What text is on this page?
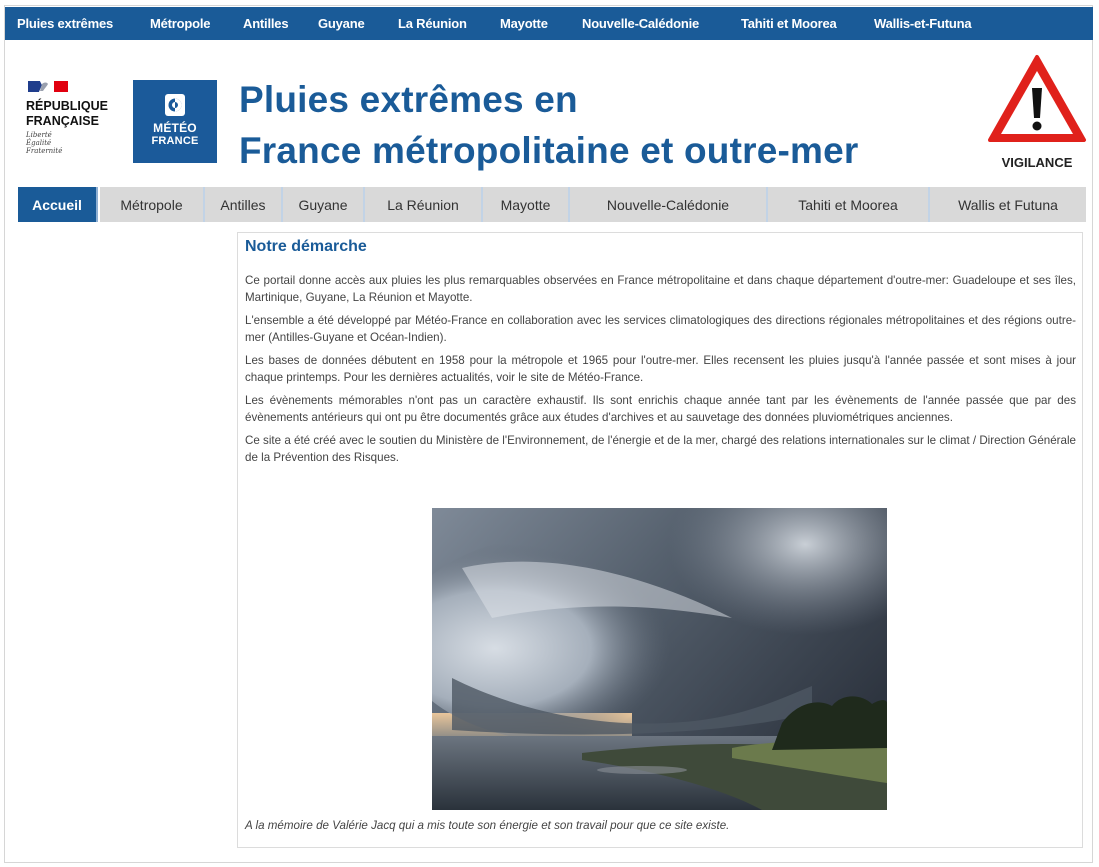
Pluies extrêmes	Métropole	Antilles Guyane	La Réunion	Mayotte	Nouvelle-Calédonie	Tahiti et Moorea	Wallis-et-Futuna
RÉPUBLIQUE
FRANÇAISE
Liberté
Égalité
Fraternité
MÉTÉO
FRANCE
Pluies extrêmes en
France métropolitaine et outre-mer	VIGILANCE
Accueil	Métropole	Antilles	Guyane	La Réunion	Mayotte	Nouvelle-Calédonie	Tahiti et Moorea	Wallis et Futuna
Notre démarche

Ce portail donne accès aux pluies les plus remarquables observées en France métropolitaine et dans chaque département d'outre-mer: Guadeloupe et ses îles, Martinique, Guyane, La Réunion et Mayotte.

L'ensemble a été développé par Météo-France en collaboration avec les services climatologiques des directions régionales métropolitaines et des régions outre-mer (Antilles-Guyane et Océan-Indien).

Les bases de données débutent en 1958 pour la métropole et 1965 pour l'outre-mer. Elles recensent les pluies jusqu'à l'année passée et sont mises à jour chaque printemps. Pour les dernières actualités, voir le site de Météo-France.

Les évènements mémorables n'ont pas un caractère exhaustif. Ils sont enrichis chaque année tant par les évènements de l'année passée que par des évènements antérieurs qui ont pu être documentés grâce aux études d'archives et au sauvetage des données pluviométriques anciennes.

Ce site a été créé avec le soutien du Ministère de l'Environnement, de l'énergie et de la mer, chargé des relations internationales sur le climat / Direction Générale de la Prévention des Risques.

A la mémoire de Valérie Jacq qui a mis toute son énergie et son travail pour que ce site existe.
